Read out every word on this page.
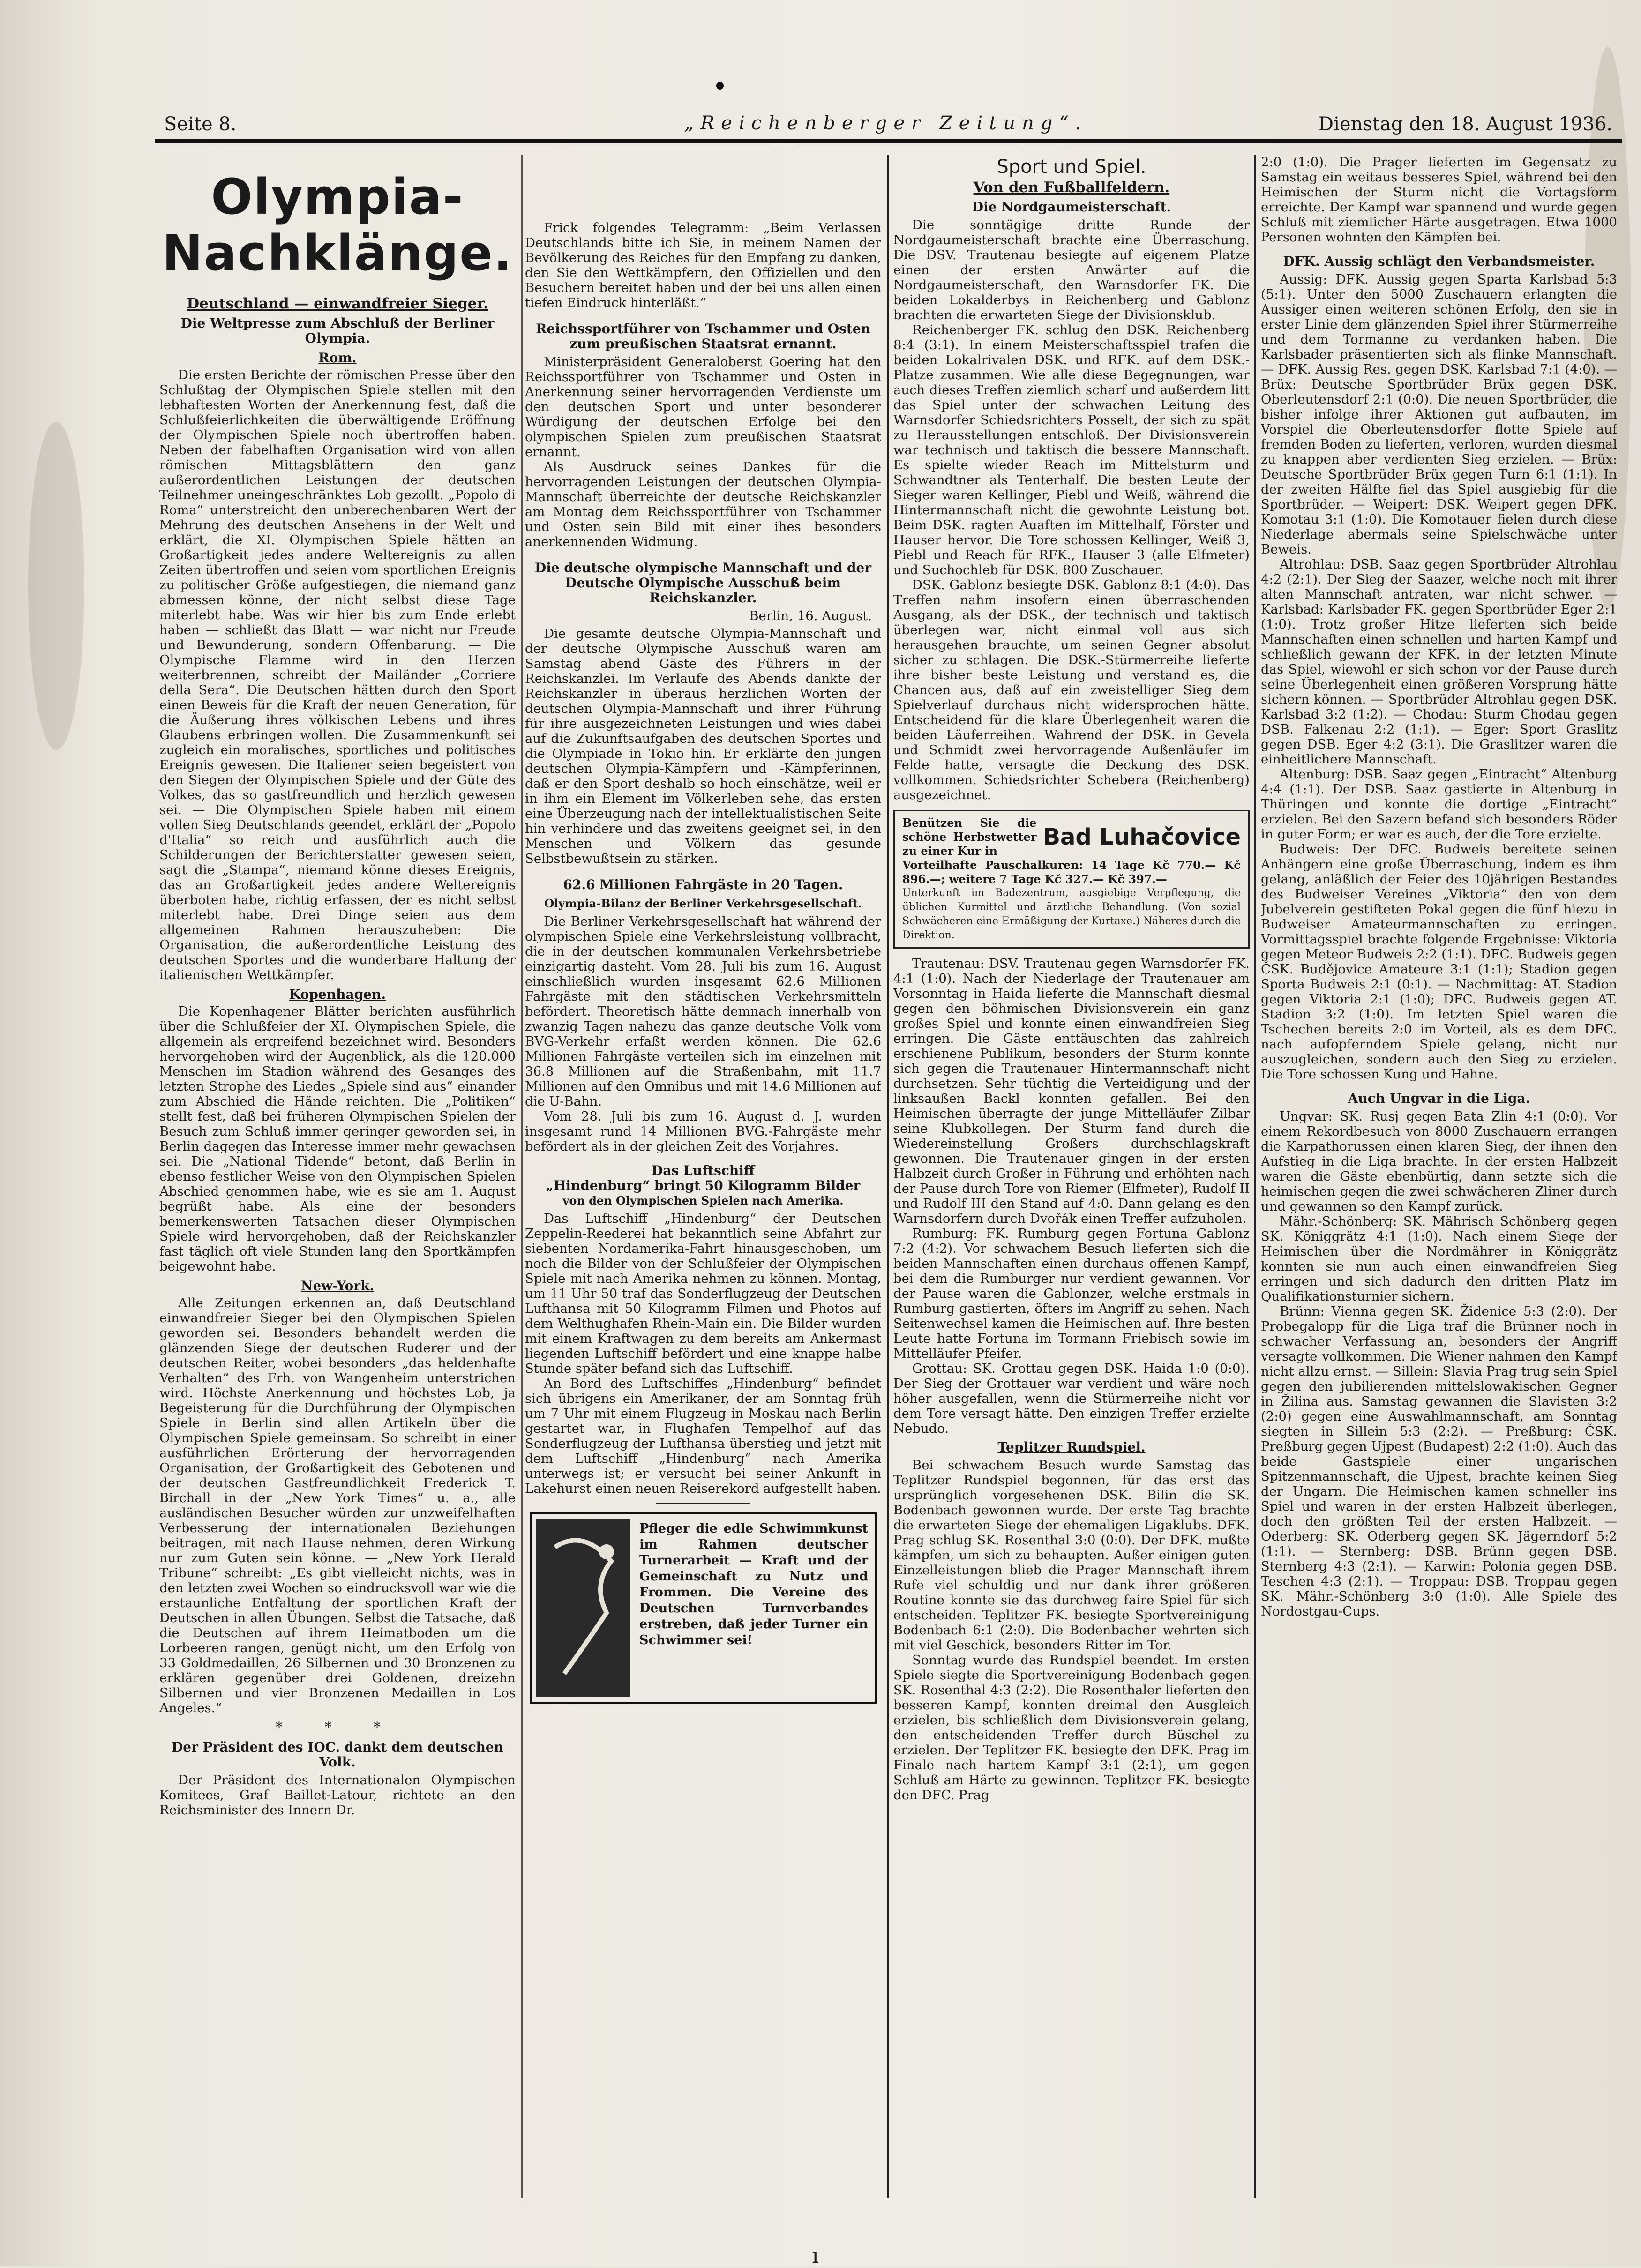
Seite 8.	„Reichenberger Zeitung“.	Dienstag den 18. August 1936.
Olympia-Nachklänge.
Deutschland — einwandfreier Sieger.
Die Weltpresse zum Abschluß der Berliner Olympia.
Rom.

Die ersten Berichte der römischen Presse über den Schlußtag der Olympischen Spiele stellen mit den lebhaftesten Worten der Anerkennung fest, daß die Schlußfeierlichkeiten die überwältigende Eröffnung der Olympischen Spiele noch übertroffen haben. Neben der fabelhaften Organisation wird von allen römischen Mittagsblättern den ganz außerordentlichen Leistungen der deutschen Teilnehmer uneingeschränktes Lob gezollt. „Popolo di Roma“ unterstreicht den unberechenbaren Wert der Mehrung des deutschen Ansehens in der Welt und erklärt, die XI. Olympischen Spiele hätten an Großartigkeit jedes andere Weltereignis zu allen Zeiten übertroffen und seien vom sportlichen Ereignis zu politischer Größe aufgestiegen, die niemand ganz abmessen könne, der nicht selbst diese Tage miterlebt habe. Was wir hier bis zum Ende erlebt haben — schließt das Blatt — war nicht nur Freude und Bewunderung, sondern Offenbarung. — Die Olympische Flamme wird in den Herzen weiterbrennen, schreibt der Mailänder „Corriere della Sera“. Die Deutschen hätten durch den Sport einen Beweis für die Kraft der neuen Generation, für die Äußerung ihres völkischen Lebens und ihres Glaubens erbringen wollen. Die Zusammenkunft sei zugleich ein moralisches, sportliches und politisches Ereignis gewesen. Die Italiener seien begeistert von den Siegen der Olympischen Spiele und der Güte des Volkes, das so gastfreundlich und herzlich gewesen sei. — Die Olympischen Spiele haben mit einem vollen Sieg Deutschlands geendet, erklärt der „Popolo d'Italia“ so reich und ausführlich auch die Schilderungen der Berichterstatter gewesen seien, sagt die „Stampa“, niemand könne dieses Ereignis, das an Großartigkeit jedes andere Weltereignis überboten habe, richtig erfassen, der es nicht selbst miterlebt habe. Drei Dinge seien aus dem allgemeinen Rahmen herauszuheben: Die Organisation, die außerordentliche Leistung des deutschen Sportes und die wunderbare Haltung der italienischen Wettkämpfer.

Kopenhagen.

Die Kopenhagener Blätter berichten ausführlich über die Schlußfeier der XI. Olympischen Spiele, die allgemein als ergreifend bezeichnet wird. Besonders hervorgehoben wird der Augenblick, als die 120.000 Menschen im Stadion während des Gesanges des letzten Strophe des Liedes „Spiele sind aus“ einander zum Abschied die Hände reichten. Die „Politiken“ stellt fest, daß bei früheren Olympischen Spielen der Besuch zum Schluß immer geringer geworden sei, in Berlin dagegen das Interesse immer mehr gewachsen sei. Die „National Tidende“ betont, daß Berlin in ebenso festlicher Weise von den Olympischen Spielen Abschied genommen habe, wie es sie am 1. August begrüßt habe. Als eine der besonders bemerkenswerten Tatsachen dieser Olympischen Spiele wird hervorgehoben, daß der Reichskanzler fast täglich oft viele Stunden lang den Sportkämpfen beigewohnt habe.

New-York.

Alle Zeitungen erkennen an, daß Deutschland einwandfreier Sieger bei den Olympischen Spielen geworden sei. Besonders behandelt werden die glänzenden Siege der deutschen Ruderer und der deutschen Reiter, wobei besonders „das heldenhafte Verhalten“ des Frh. von Wangenheim unterstrichen wird. Höchste Anerkennung und höchstes Lob, ja Begeisterung für die Durchführung der Olympischen Spiele in Berlin sind allen Artikeln über die Olympischen Spiele gemeinsam. So schreibt in einer ausführlichen Erörterung der hervorragenden Organisation, der Großartigkeit des Gebotenen und der deutschen Gastfreundlichkeit Frederick T. Birchall in der „New York Times“ u. a., alle ausländischen Besucher würden zur unzweifelhaften Verbesserung der internationalen Beziehungen beitragen, mit nach Hause nehmen, deren Wirkung nur zum Guten sein könne. — „New York Herald Tribune“ schreibt: „Es gibt vielleicht nichts, was in den letzten zwei Wochen so eindrucksvoll war wie die erstaunliche Entfaltung der sportlichen Kraft der Deutschen in allen Übungen. Selbst die Tatsache, daß die Deutschen auf ihrem Heimatboden um die Lorbeeren rangen, genügt nicht, um den Erfolg von 33 Goldmedaillen, 26 Silbernen und 30 Bronzenen zu erklären gegenüber drei Goldenen, dreizehn Silbernen und vier Bronzenen Medaillen in Los Angeles.“

* * *
Der Präsident des IOC. dankt dem deutschen Volk.

Der Präsident des Internationalen Olympischen Komitees, Graf Baillet-Latour, richtete an den Reichsminister des Innern Dr.

Frick folgendes Telegramm: „Beim Verlassen Deutschlands bitte ich Sie, in meinem Namen der Bevölkerung des Reiches für den Empfang zu danken, den Sie den Wettkämpfern, den Offiziellen und den Besuchern bereitet haben und der bei uns allen einen tiefen Eindruck hinterläßt.“

Reichssportführer von Tschammer und Osten zum preußischen Staatsrat ernannt.

Ministerpräsident Generaloberst Goering hat den Reichssportführer von Tschammer und Osten in Anerkennung seiner hervorragenden Verdienste um den deutschen Sport und unter besonderer Würdigung der deutschen Erfolge bei den olympischen Spielen zum preußischen Staatsrat ernannt.

Als Ausdruck seines Dankes für die hervorragenden Leistungen der deutschen Olympia-Mannschaft überreichte der deutsche Reichskanzler am Montag dem Reichssportführer von Tschammer und Osten sein Bild mit einer ihes besonders anerkennenden Widmung.

Die deutsche olympische Mannschaft und der Deutsche Olympische Ausschuß beim Reichskanzler.
Berlin, 16. August.

Die gesamte deutsche Olympia-Mannschaft und der deutsche Olympische Ausschuß waren am Samstag abend Gäste des Führers in der Reichskanzlei. Im Verlaufe des Abends dankte der Reichskanzler in überaus herzlichen Worten der deutschen Olympia-Mannschaft und ihrer Führung für ihre ausgezeichneten Leistungen und wies dabei auf die Zukunftsaufgaben des deutschen Sportes und die Olympiade in Tokio hin. Er erklärte den jungen deutschen Olympia-Kämpfern und -Kämpferinnen, daß er den Sport deshalb so hoch einschätze, weil er in ihm ein Element im Völkerleben sehe, das ersten eine Überzeugung nach der intellektualistischen Seite hin verhindere und das zweitens geeignet sei, in den Menschen und Völkern das gesunde Selbstbewußtsein zu stärken.

62.6 Millionen Fahrgäste in 20 Tagen.
Olympia-Bilanz der Berliner Verkehrsgesellschaft.

Die Berliner Verkehrsgesellschaft hat während der olympischen Spiele eine Verkehrsleistung vollbracht, die in der deutschen kommunalen Verkehrsbetriebe einzigartig dasteht. Vom 28. Juli bis zum 16. August einschließlich wurden insgesamt 62.6 Millionen Fahrgäste mit den städtischen Verkehrsmitteln befördert. Theoretisch hätte demnach innerhalb von zwanzig Tagen nahezu das ganze deutsche Volk vom BVG-Verkehr erfaßt werden können. Die 62.6 Millionen Fahrgäste verteilen sich im einzelnen mit 36.8 Millionen auf die Straßenbahn, mit 11.7 Millionen auf den Omnibus und mit 14.6 Millionen auf die U-Bahn.

Vom 28. Juli bis zum 16. August d. J. wurden insgesamt rund 14 Millionen BVG.-Fahrgäste mehr befördert als in der gleichen Zeit des Vorjahres.

Das Luftschiff
„Hindenburg“ bringt 50 Kilogramm Bilder
von den Olympischen Spielen nach Amerika.

Das Luftschiff „Hindenburg“ der Deutschen Zeppelin-Reederei hat bekanntlich seine Abfahrt zur siebenten Nordamerika-Fahrt hinausgeschoben, um noch die Bilder von der Schlußfeier der Olympischen Spiele mit nach Amerika nehmen zu können. Montag, um 11 Uhr 50 traf das Sonderflugzeug der Deutschen Lufthansa mit 50 Kilogramm Filmen und Photos auf dem Welthughafen Rhein-Main ein. Die Bilder wurden mit einem Kraftwagen zu dem bereits am Ankermast liegenden Luftschiff befördert und eine knappe halbe Stunde später befand sich das Luftschiff.

An Bord des Luftschiffes „Hindenburg“ befindet sich übrigens ein Amerikaner, der am Sonntag früh um 7 Uhr mit einem Flugzeug in Moskau nach Berlin gestartet war, in Flughafen Tempelhof auf das Sonderflugzeug der Lufthansa überstieg und jetzt mit dem Luftschiff „Hindenburg“ nach Amerika unterwegs ist; er versucht bei seiner Ankunft in Lakehurst einen neuen Reiserekord aufgestellt haben.

Pfleger die edle Schwimmkunst im Rahmen deutscher Turnerarbeit — Kraft und der Gemeinschaft zu Nutz und Frommen. Die Vereine des Deutschen Turnverbandes erstreben, daß jeder Turner ein Schwimmer sei!
Sport und Spiel.
Von den Fußballfeldern.
Die Nordgaumeisterschaft.

Die sonntägige dritte Runde der Nordgaumeisterschaft brachte eine Überraschung. Die DSV. Trautenau besiegte auf eigenem Platze einen der ersten Anwärter auf die Nordgaumeisterschaft, den Warnsdorfer FK. Die beiden Lokalderbys in Reichenberg und Gablonz brachten die erwarteten Siege der Divisionsklub.

Reichenberger FK. schlug den DSK. Reichenberg 8:4 (3:1). In einem Meisterschaftsspiel trafen die beiden Lokalrivalen DSK. und RFK. auf dem DSK.-Platze zusammen. Wie alle diese Begegnungen, war auch dieses Treffen ziemlich scharf und außerdem litt das Spiel unter der schwachen Leitung des Warnsdorfer Schiedsrichters Posselt, der sich zu spät zu Herausstellungen entschloß. Der Divisionsverein war technisch und taktisch die bessere Mannschaft. Es spielte wieder Reach im Mittelsturm und Schwandtner als Tenterhalf. Die besten Leute der Sieger waren Kellinger, Piebl und Weiß, während die Hintermannschaft nicht die gewohnte Leistung bot. Beim DSK. ragten Auaften im Mittelhalf, Förster und Hauser hervor. Die Tore schossen Kellinger, Weiß 3, Piebl und Reach für RFK., Hauser 3 (alle Elfmeter) und Suchochleb für DSK. 800 Zuschauer.

DSK. Gablonz besiegte DSK. Gablonz 8:1 (4:0). Das Treffen nahm insofern einen überraschenden Ausgang, als der DSK., der technisch und taktisch überlegen war, nicht einmal voll aus sich herausgehen brauchte, um seinen Gegner absolut sicher zu schlagen. Die DSK.-Stürmerreihe lieferte ihre bisher beste Leistung und verstand es, die Chancen aus, daß auf ein zweistelliger Sieg dem Spielverlauf durchaus nicht widersprochen hätte. Entscheidend für die klare Überlegenheit waren die beiden Läuferreihen. Wahrend der DSK. in Gevela und Schmidt zwei hervorragende Außenläufer im Felde hatte, versagte die Deckung des DSK. vollkommen. Schiedsrichter Schebera (Reichenberg) ausgezeichnet.

Benützen Sie die schöne Herbstwetter zu einer Kur in
Bad Luhačovice
Vorteilhafte Pauschalkuren: 14 Tage Kč 770.— Kč 896.—; weitere 7 Tage Kč 327.— Kč 397.—
Unterkunft im Badezentrum, ausgiebige Verpflegung, die üblichen Kurmittel und ärztliche Behandlung. (Von sozial Schwächeren eine Ermäßigung der Kurtaxe.) Näheres durch die Direktion.

Trautenau: DSV. Trautenau gegen Warnsdorfer FK. 4:1 (1:0). Nach der Niederlage der Trautenauer am Vorsonntag in Haida lieferte die Mannschaft diesmal gegen den böhmischen Divisionsverein ein ganz großes Spiel und konnte einen einwandfreien Sieg erringen. Die Gäste enttäuschten das zahlreich erschienene Publikum, besonders der Sturm konnte sich gegen die Trautenauer Hintermannschaft nicht durchsetzen. Sehr tüchtig die Verteidigung und der linksaußen Backl konnten gefallen. Bei den Heimischen überragte der junge Mittelläufer Zilbar seine Klubkollegen. Der Sturm fand durch die Wiedereinstellung Großers durchschlagskraft gewonnen. Die Trautenauer gingen in der ersten Halbzeit durch Großer in Führung und erhöhten nach der Pause durch Tore von Riemer (Elfmeter), Rudolf II und Rudolf III den Stand auf 4:0. Dann gelang es den Warnsdorfern durch Dvořák einen Treffer aufzuholen.

Rumburg: FK. Rumburg gegen Fortuna Gablonz 7:2 (4:2). Vor schwachem Besuch lieferten sich die beiden Mannschaften einen durchaus offenen Kampf, bei dem die Rumburger nur verdient gewannen. Vor der Pause waren die Gablonzer, welche erstmals in Rumburg gastierten, öfters im Angriff zu sehen. Nach Seitenwechsel kamen die Heimischen auf. Ihre besten Leute hatte Fortuna im Tormann Friebisch sowie im Mittelläufer Pfeifer.

Grottau: SK. Grottau gegen DSK. Haida 1:0 (0:0). Der Sieg der Grottauer war verdient und wäre noch höher ausgefallen, wenn die Stürmerreihe nicht vor dem Tore versagt hätte. Den einzigen Treffer erzielte Nebudo.

Teplitzer Rundspiel.

Bei schwachem Besuch wurde Samstag das Teplitzer Rundspiel begonnen, für das erst das ursprünglich vorgesehenen DSK. Bilin die SK. Bodenbach gewonnen wurde. Der erste Tag brachte die erwarteten Siege der ehemaligen Ligaklubs. DFK. Prag schlug SK. Rosenthal 3:0 (0:0). Der DFK. mußte kämpfen, um sich zu behaupten. Außer einigen guten Einzelleistungen blieb die Prager Mannschaft ihrem Rufe viel schuldig und nur dank ihrer größeren Routine konnte sie das durchweg faire Spiel für sich entscheiden. Teplitzer FK. besiegte Sportvereinigung Bodenbach 6:1 (2:0). Die Bodenbacher wehrten sich mit viel Geschick, besonders Ritter im Tor.

Sonntag wurde das Rundspiel beendet. Im ersten Spiele siegte die Sportvereinigung Bodenbach gegen SK. Rosenthal 4:3 (2:2). Die Rosenthaler lieferten den besseren Kampf, konnten dreimal den Ausgleich erzielen, bis schließlich dem Divisionsverein gelang, den entscheidenden Treffer durch Büschel zu erzielen. Der Teplitzer FK. besiegte den DFK. Prag im Finale nach hartem Kampf 3:1 (2:1), um gegen Schluß am Härte zu gewinnen. Teplitzer FK. besiegte den DFC. Prag

2:0 (1:0). Die Prager lieferten im Gegensatz zu Samstag ein weitaus besseres Spiel, während bei den Heimischen der Sturm nicht die Vortagsform erreichte. Der Kampf war spannend und wurde gegen Schluß mit ziemlicher Härte ausgetragen. Etwa 1000 Personen wohnten den Kämpfen bei.

DFK. Aussig schlägt den Verbandsmeister.

Aussig: DFK. Aussig gegen Sparta Karlsbad 5:3 (5:1). Unter den 5000 Zuschauern erlangten die Aussiger einen weiteren schönen Erfolg, den sie in erster Linie dem glänzenden Spiel ihrer Stürmerreihe und dem Tormanne zu verdanken haben. Die Karlsbader präsentierten sich als flinke Mannschaft. — DFK. Aussig Res. gegen DSK. Karlsbad 7:1 (4:0). — Brüx: Deutsche Sportbrüder Brüx gegen DSK. Oberleutensdorf 2:1 (0:0). Die neuen Sportbrüder, die bisher infolge ihrer Aktionen gut aufbauten, im Vorspiel die Oberleutensdorfer flotte Spiele auf fremden Boden zu lieferten, verloren, wurden diesmal zu knappen aber verdienten Sieg erzielen. — Brüx: Deutsche Sportbrüder Brüx gegen Turn 6:1 (1:1). In der zweiten Hälfte fiel das Spiel ausgiebig für die Sportbrüder. — Weipert: DSK. Weipert gegen DFK. Komotau 3:1 (1:0). Die Komotauer fielen durch diese Niederlage abermals seine Spielschwäche unter Beweis.

Altrohlau: DSB. Saaz gegen Sportbrüder Altrohlau 4:2 (2:1). Der Sieg der Saazer, welche noch mit ihrer alten Mannschaft antraten, war nicht schwer. — Karlsbad: Karlsbader FK. gegen Sportbrüder Eger 2:1 (1:0). Trotz großer Hitze lieferten sich beide Mannschaften einen schnellen und harten Kampf und schließlich gewann der KFK. in der letzten Minute das Spiel, wiewohl er sich schon vor der Pause durch seine Überlegenheit einen größeren Vorsprung hätte sichern können. — Sportbrüder Altrohlau gegen DSK. Karlsbad 3:2 (1:2). — Chodau: Sturm Chodau gegen DSB. Falkenau 2:2 (1:1). — Eger: Sport Graslitz gegen DSB. Eger 4:2 (3:1). Die Graslitzer waren die einheitlichere Mannschaft.

Altenburg: DSB. Saaz gegen „Eintracht“ Altenburg 4:4 (1:1). Der DSB. Saaz gastierte in Altenburg in Thüringen und konnte die dortige „Eintracht“ erzielen. Bei den Sazern befand sich besonders Röder in guter Form; er war es auch, der die Tore erzielte.

Budweis: Der DFC. Budweis bereitete seinen Anhängern eine große Überraschung, indem es ihm gelang, anläßlich der Feier des 10jährigen Bestandes des Budweiser Vereines „Viktoria“ den von dem Jubelverein gestifteten Pokal gegen die fünf hiezu in Budweiser Amateurmannschaften zu erringen. Vormittagsspiel brachte folgende Ergebnisse: Viktoria gegen Meteor Budweis 2:2 (1:1). DFC. Budweis gegen ČSK. Budějovice Amateure 3:1 (1:1); Stadion gegen Sporta Budweis 2:1 (0:1). — Nachmittag: AT. Stadion gegen Viktoria 2:1 (1:0); DFC. Budweis gegen AT. Stadion 3:2 (1:0). Im letzten Spiel waren die Tschechen bereits 2:0 im Vorteil, als es dem DFC. nach aufopferndem Spiele gelang, nicht nur auszugleichen, sondern auch den Sieg zu erzielen. Die Tore schossen Kung und Hahne.

Auch Ungvar in die Liga.

Ungvar: SK. Rusj gegen Bata Zlin 4:1 (0:0). Vor einem Rekordbesuch von 8000 Zuschauern errangen die Karpathorussen einen klaren Sieg, der ihnen den Aufstieg in die Liga brachte. In der ersten Halbzeit waren die Gäste ebenbürtig, dann setzte sich die heimischen gegen die zwei schwächeren Zliner durch und gewannen so den Kampf zurück.

Mähr.-Schönberg: SK. Mährisch Schönberg gegen SK. Königgrätz 4:1 (1:0). Nach einem Siege der Heimischen über die Nordmährer in Königgrätz konnten sie nun auch einen einwandfreien Sieg erringen und sich dadurch den dritten Platz im Qualifikationsturnier sichern.

Brünn: Vienna gegen SK. Židenice 5:3 (2:0). Der Probegalopp für die Liga traf die Brünner noch in schwacher Verfassung an, besonders der Angriff versagte vollkommen. Die Wiener nahmen den Kampf nicht allzu ernst. — Sillein: Slavia Prag trug sein Spiel gegen den jubilierenden mittelslowakischen Gegner in Žilina aus. Samstag gewannen die Slavisten 3:2 (2:0) gegen eine Auswahlmannschaft, am Sonntag siegten in Sillein 5:3 (2:2). — Preßburg: ČSK. Preßburg gegen Ujpest (Budapest) 2:2 (1:0). Auch das beide Gastspiele einer ungarischen Spitzenmannschaft, die Ujpest, brachte keinen Sieg der Ungarn. Die Heimischen kamen schneller ins Spiel und waren in der ersten Halbzeit überlegen, doch den größten Teil der ersten Halbzeit. — Oderberg: SK. Oderberg gegen SK. Jägerndorf 5:2 (1:1). — Sternberg: DSB. Brünn gegen DSB. Sternberg 4:3 (2:1). — Karwin: Polonia gegen DSB. Teschen 4:3 (2:1). — Troppau: DSB. Troppau gegen SK. Mähr.-Schönberg 3:0 (1:0). Alle Spiele des Nordostgau-Cups.

ı
